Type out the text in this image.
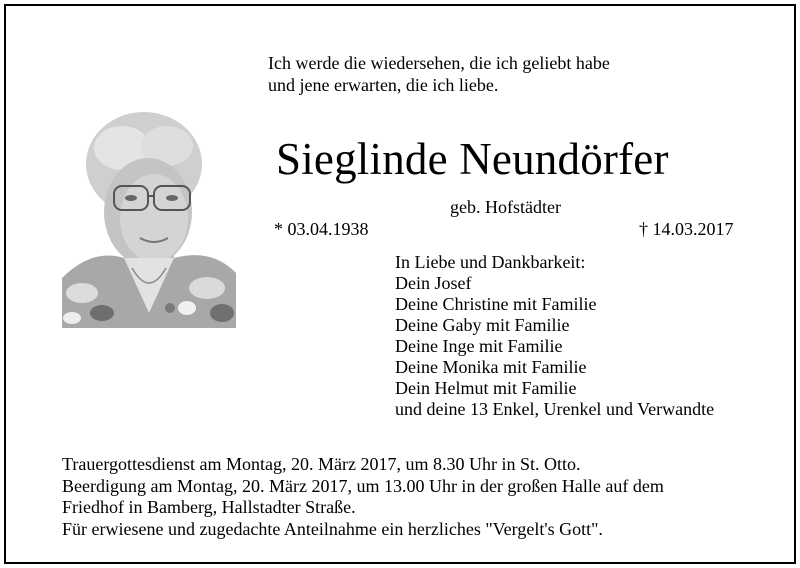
Ich werde die wiedersehen, die ich geliebt habe
und jene erwarten, die ich liebe.
Sieglinde Neundörfer
geb. Hofstädter
* 03.04.1938	† 14.03.2017
In Liebe und Dankbarkeit:
Dein Josef
Deine Christine mit Familie
Deine Gaby mit Familie
Deine Inge mit Familie
Deine Monika mit Familie
Dein Helmut mit Familie
und deine 13 Enkel, Urenkel und Verwandte
Trauergottesdienst am Montag, 20. März 2017, um 8.30 Uhr in St. Otto.
Beerdigung am Montag, 20. März 2017, um 13.00 Uhr in der großen Halle auf dem
Friedhof in Bamberg, Hallstadter Straße.
Für erwiesene und zugedachte Anteilnahme ein herzliches "Vergelt's Gott".
